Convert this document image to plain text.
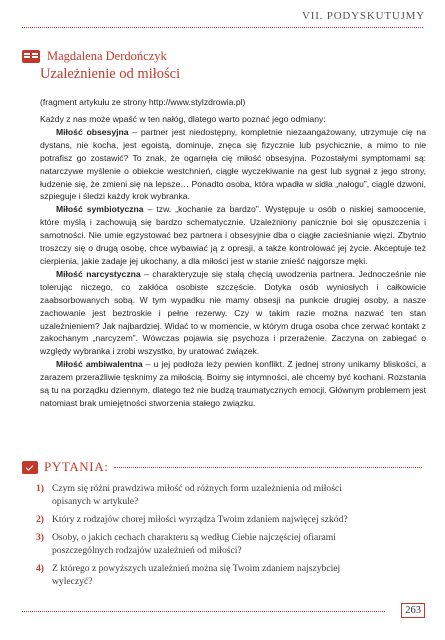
VII. PODYSKUTUJMY
Magdalena Derdończyk
Uzależnienie od miłości
(fragment artykułu ze strony http://www.stylzdrowia.pl)

Każdy z nas może wpaść w ten nałóg, dlatego warto poznać jego odmiany:

Miłość obsesyjna – partner jest niedostępny, kompletnie niezaangażowany, utrzymuje cię na dystans, nie kocha, jest egoistą, dominuje, znęca się fizycznie lub psychicznie, a mimo to nie potrafisz go zostawić? To znak, że ogarnęła cię miłość obsesyjna. Pozostałymi symptomami są: natarczywe myślenie o obiekcie westchnień, ciągłe wyczekiwanie na gest lub sygnał z jego strony, łudzenie się, że zmieni się na lepsze… Ponadto osoba, która wpadła w sidła „nałogu”, ciągle dzwoni, szpieguje i śledzi każdy krok wybranka.

Miłość symbiotyczna – tzw. „kochanie za bardzo”. Występuje u osób o niskiej samoocenie, które myślą i zachowują się bardzo schematycznie. Uzależniony panicznie boi się opuszczenia i samotności. Nie umie egzystować bez partnera i obsesyjnie dba o ciągłe zacieśnianie więzi. Zbytnio troszczy się o drugą osobę, chce wybawiać ją z opresji, a także kontrolować jej życie. Akceptuje też cierpienia, jakie zadaje jej ukochany, a dla miłości jest w stanie znieść najgorsze męki.

Miłość narcystyczna – charakteryzuje się stałą chęcią uwodzenia partnera. Jednocześnie nie tolerując niczego, co zakłóca osobiste szczęście. Dotyka osób wyniosłych i całkowicie zaabsorbowanych sobą. W tym wypadku nie mamy obsesji na punkcie drugiej osoby, a nasze zachowanie jest beztroskie i pełne rezerwy. Czy w takim razie można nazwać ten stan uzależnieniem? Jak najbardziej. Widać to w momencie, w którym druga osoba chce zerwać kontakt z zakochanym „narcyzem”. Wówczas pojawia się psychoza i przerażenie. Zaczyna on zabiegać o względy wybranka i zrobi wszystko, by uratować związek.

Miłość ambiwalentna – u jej podłoża leży pewien konflikt. Z jednej strony unikamy bliskości, a zarazem przeraźliwie tęsknimy za miłością. Boimy się intymności, ale chcemy być kochani. Rozstania są tu na porządku dziennym, dlatego też nie budzą traumatycznych emocji. Głównym problemem jest natomiast brak umiejętności stworzenia stałego związku.

PYTANIA:
1) Czym się różni prawdziwa miłość od różnych form uzależnienia od miłości opisanych w artykule?
2) Który z rodzajów chorej miłości wyrządza Twoim zdaniem najwięcej szkód?
3) Osoby, o jakich cechach charakteru są według Ciebie najczęściej ofiarami poszczególnych rodzajów uzależnień od miłości?
4) Z którego z powyższych uzależnień można się Twoim zdaniem najszybciej wyleczyć?
263
